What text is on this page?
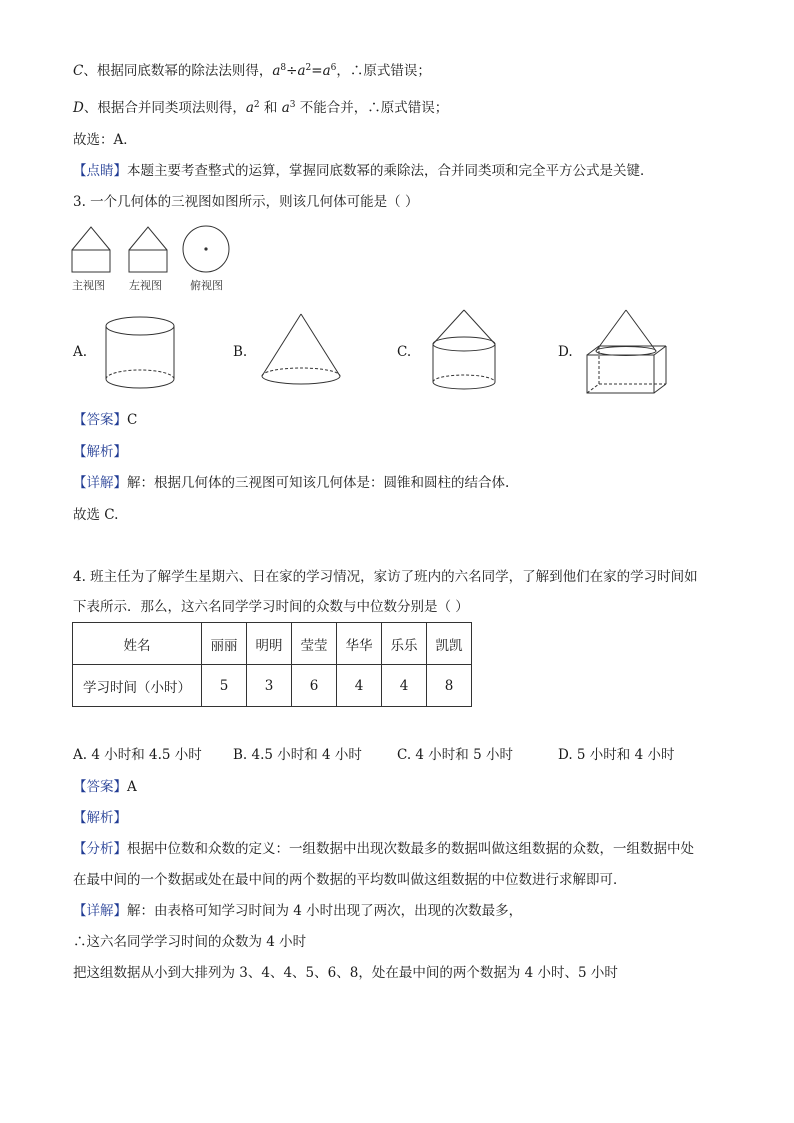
C、根据同底数幂的除法法则得，$a^8\div a^2=a^6$，∴原式错误；
D、根据合并同类项法则得，$a^2$ 和 $a^3$ 不能合并，∴原式错误；
故选：A．
【点睛】本题主要考查整式的运算，掌握同底数幂的乘除法，合并同类项和完全平方公式是关键．
3. 一个几何体的三视图如图所示，则该几何体可能是（ ）
主视图 左视图	俯视图
A.	B.	C.	D.
【答案】C
【解析】
【详解】解：根据几何体的三视图可知该几何体是：圆锥和圆柱的结合体.
故选 C.
4. 班主任为了解学生星期六、日在家的学习情况，家访了班内的六名同学，了解到他们在家的学习时间如
下表所示．那么，这六名同学学习时间的众数与中位数分别是（ ）
姓名	丽丽	明明	莹莹	华华	乐乐	凯凯
学习时间（小时）	5	3	6	4	4	8
A. 4 小时和 4.5 小时 B. 4.5 小时和 4 小时	C. 4 小时和 5 小时	D. 5 小时和 4 小时
【答案】A
【解析】
【分析】根据中位数和众数的定义：一组数据中出现次数最多的数据叫做这组数据的众数，一组数据中处
在最中间的一个数据或处在最中间的两个数据的平均数叫做这组数据的中位数进行求解即可．
【详解】解：由表格可知学习时间为 4 小时出现了两次，出现的次数最多，
∴这六名同学学习时间的众数为 4 小时
把这组数据从小到大排列为 3、4、4、5、6、8，处在最中间的两个数据为 4 小时、5 小时
